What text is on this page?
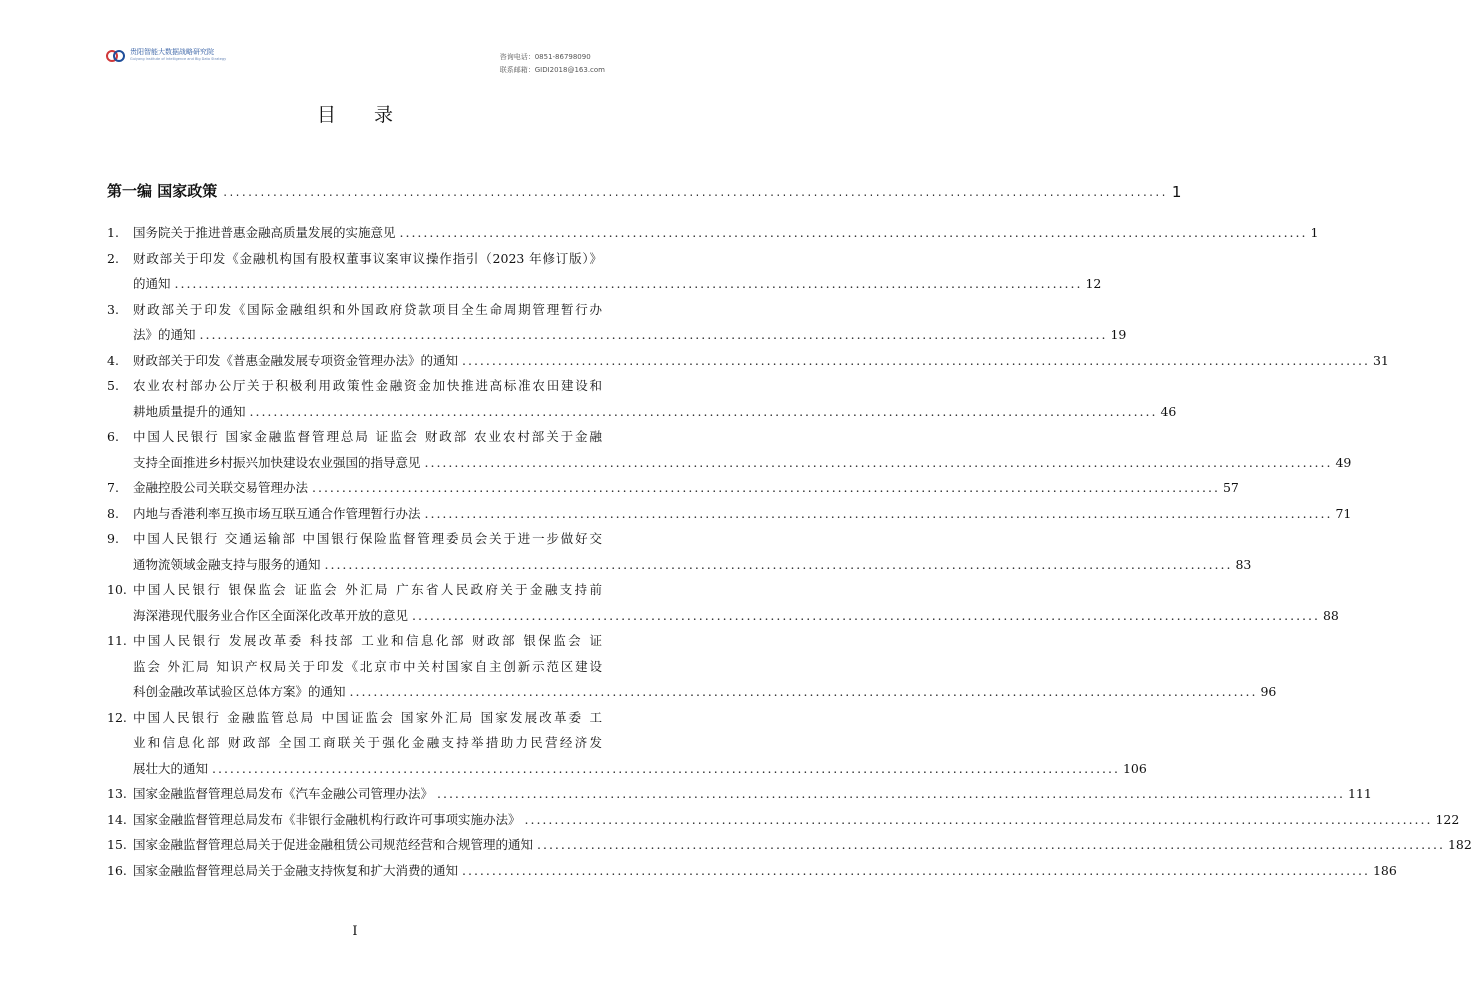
贵阳智能大数据战略研究院
Guiyang Institute of Intelligence and Big Data Strategy	咨询电话：0851-86798090
联系邮箱：GIDI2018@163.com
目 录
第一编 国家政策 ........................................................................................................................................................ 1
1.	国务院关于推进普惠金融高质量发展的实施意见 ........................................................................................................................................................ 1
2.	财政部关于印发《金融机构国有股权董事议案审议操作指引（2023 年修订版）》
的通知 ........................................................................................................................................................ 12
3.	财政部关于印发《国际金融组织和外国政府贷款项目全生命周期管理暂行办
法》的通知 ........................................................................................................................................................ 19
4.	财政部关于印发《普惠金融发展专项资金管理办法》的通知 ........................................................................................................................................................ 31
5.	农业农村部办公厅关于积极利用政策性金融资金加快推进高标准农田建设和
耕地质量提升的通知 ........................................................................................................................................................ 46
6.	中国人民银行 国家金融监督管理总局 证监会 财政部 农业农村部关于金融
支持全面推进乡村振兴加快建设农业强国的指导意见 ........................................................................................................................................................ 49
7.	金融控股公司关联交易管理办法 ........................................................................................................................................................ 57
8.	内地与香港利率互换市场互联互通合作管理暂行办法 ........................................................................................................................................................ 71
9.	中国人民银行 交通运输部 中国银行保险监督管理委员会关于进一步做好交
通物流领域金融支持与服务的通知 ........................................................................................................................................................ 83
10. 中国人民银行 银保监会 证监会 外汇局 广东省人民政府关于金融支持前
海深港现代服务业合作区全面深化改革开放的意见 ........................................................................................................................................................ 88
11. 中国人民银行 发展改革委 科技部 工业和信息化部 财政部 银保监会 证
监会 外汇局 知识产权局关于印发《北京市中关村国家自主创新示范区建设
科创金融改革试验区总体方案》的通知 ........................................................................................................................................................ 96
12. 中国人民银行 金融监管总局 中国证监会 国家外汇局 国家发展改革委 工
业和信息化部 财政部 全国工商联关于强化金融支持举措助力民营经济发
展壮大的通知 ........................................................................................................................................................ 106
13. 国家金融监督管理总局发布《汽车金融公司管理办法》 ........................................................................................................................................................ 111
14. 国家金融监督管理总局发布《非银行金融机构行政许可事项实施办法》 ........................................................................................................................................................ 122
15. 国家金融监督管理总局关于促进金融租赁公司规范经营和合规管理的通知 ........................................................................................................................................................ 182
16. 国家金融监督管理总局关于金融支持恢复和扩大消费的通知 ........................................................................................................................................................ 186
I
